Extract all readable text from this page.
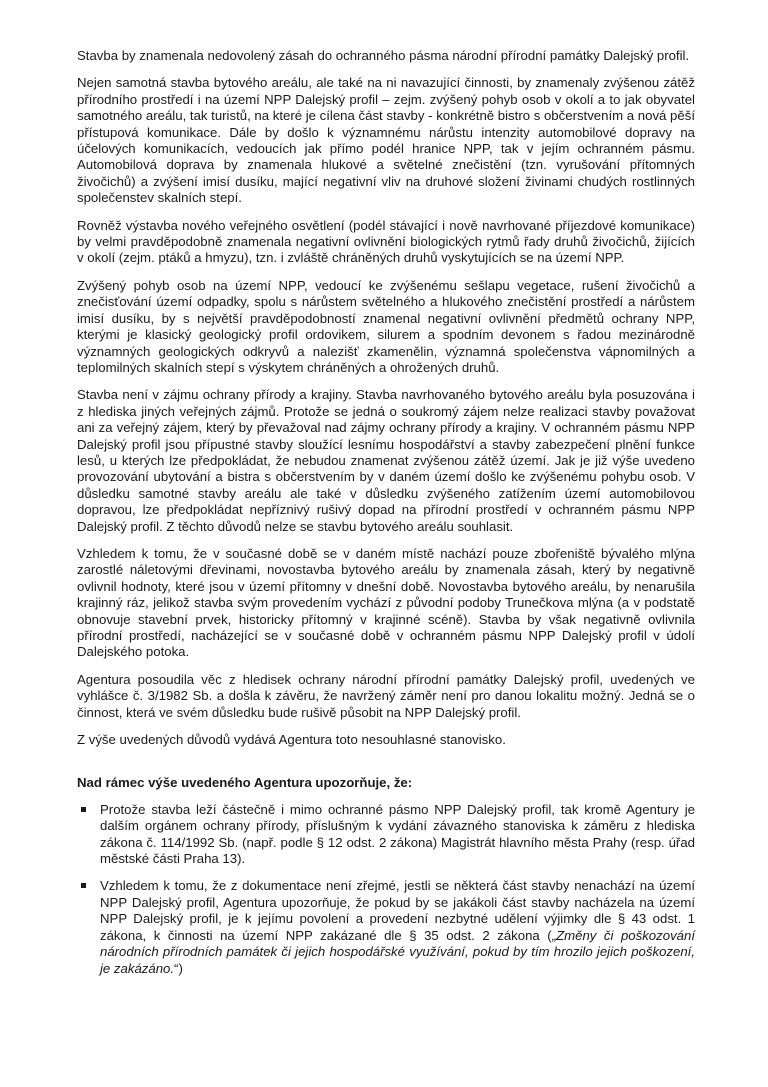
Stavba by znamenala nedovolený zásah do ochranného pásma národní přírodní památky Dalejský profil.

Nejen samotná stavba bytového areálu, ale také na ni navazující činnosti, by znamenaly zvýšenou zátěž přírodního prostředí i na území NPP Dalejský profil – zejm. zvýšený pohyb osob v okolí a to jak obyvatel samotného areálu, tak turistů, na které je cílena část stavby - konkrétně bistro s občerstvením a nová pěší přístupová komunikace. Dále by došlo k významnému nárůstu intenzity automobilové dopravy na účelových komunikacích, vedoucích jak přímo podél hranice NPP, tak v jejím ochranném pásmu. Automobilová doprava by znamenala hlukové a světelné znečistění (tzn. vyrušování přítomných živočichů) a zvýšení imisí dusíku, mající negativní vliv na druhové složení živinami chudých rostlinných společenstev skalních stepí.

Rovněž výstavba nového veřejného osvětlení (podél stávající i nově navrhované příjezdové komunikace) by velmi pravděpodobně znamenala negativní ovlivnění biologických rytmů řady druhů živočichů, žijících v okolí (zejm. ptáků a hmyzu), tzn. i zvláště chráněných druhů vyskytujících se na území NPP.

Zvýšený pohyb osob na území NPP, vedoucí ke zvýšenému sešlapu vegetace, rušení živočichů a znečisťování území odpadky, spolu s nárůstem světelného a hlukového znečistění prostředí a nárůstem imisí dusíku, by s největší pravděpodobností znamenal negativní ovlivnění předmětů ochrany NPP, kterými je klasický geologický profil ordovikem, silurem a spodním devonem s řadou mezinárodně významných geologických odkryvů a nalezišť zkamenělin, významná společenstva vápnomilných a teplomilných skalních stepí s výskytem chráněných a ohrožených druhů.

Stavba není v zájmu ochrany přírody a krajiny. Stavba navrhovaného bytového areálu byla posuzována i z hlediska jiných veřejných zájmů. Protože se jedná o soukromý zájem nelze realizaci stavby považovat ani za veřejný zájem, který by převažoval nad zájmy ochrany přírody a krajiny. V ochranném pásmu NPP Dalejský profil jsou přípustné stavby sloužící lesnímu hospodářství a stavby zabezpečení plnění funkce lesů, u kterých lze předpokládat, že nebudou znamenat zvýšenou zátěž území. Jak je již výše uvedeno provozování ubytování a bistra s občerstvením by v daném území došlo ke zvýšenému pohybu osob. V důsledku samotné stavby areálu ale také v důsledku zvýšeného zatížením území automobilovou dopravou, lze předpokládat nepříznivý rušivý dopad na přírodní prostředí v ochranném pásmu NPP Dalejský profil. Z těchto důvodů nelze se stavbu bytového areálu souhlasit.

Vzhledem k tomu, že v současné době se v daném místě nachází pouze zbořeniště bývalého mlýna zarostlé náletovými dřevinami, novostavba bytového areálu by znamenala zásah, který by negativně ovlivnil hodnoty, které jsou v území přítomny v dnešní době. Novostavba bytového areálu, by nenarušila krajinný ráz, jelikož stavba svým provedením vychází z původní podoby Trunečkova mlýna (a v podstatě obnovuje stavební prvek, historicky přítomný v krajinné scéně). Stavba by však negativně ovlivnila přírodní prostředí, nacházející se v současné době v ochranném pásmu NPP Dalejský profil v údolí Dalejského potoka.

Agentura posoudila věc z hledisek ochrany národní přírodní památky Dalejský profil, uvedených ve vyhlášce č. 3/1982 Sb. a došla k závěru, že navržený záměr není pro danou lokalitu možný. Jedná se o činnost, která ve svém důsledku bude rušivě působit na NPP Dalejský profil.

Z výše uvedených důvodů vydává Agentura toto nesouhlasné stanovisko.

Nad rámec výše uvedeného Agentura upozorňuje, že:

Protože stavba leží částečně i mimo ochranné pásmo NPP Dalejský profil, tak kromě Agentury je dalším orgánem ochrany přírody, příslušným k vydání závazného stanoviska k záměru z hlediska zákona č. 114/1992 Sb. (např. podle § 12 odst. 2 zákona) Magistrát hlavního města Prahy (resp. úřad městské části Praha 13).
Vzhledem k tomu, že z dokumentace není zřejmé, jestli se některá část stavby nenachází na území NPP Dalejský profil, Agentura upozorňuje, že pokud by se jakákoli část stavby nacházela na území NPP Dalejský profil, je k jejímu povolení a provedení nezbytné udělení výjimky dle § 43 odst. 1 zákona, k činnosti na území NPP zakázané dle § 35 odst. 2 zákona („Změny či poškozování národních přírodních památek či jejich hospodářské využívání, pokud by tím hrozilo jejich poškození, je zakázáno.“)
